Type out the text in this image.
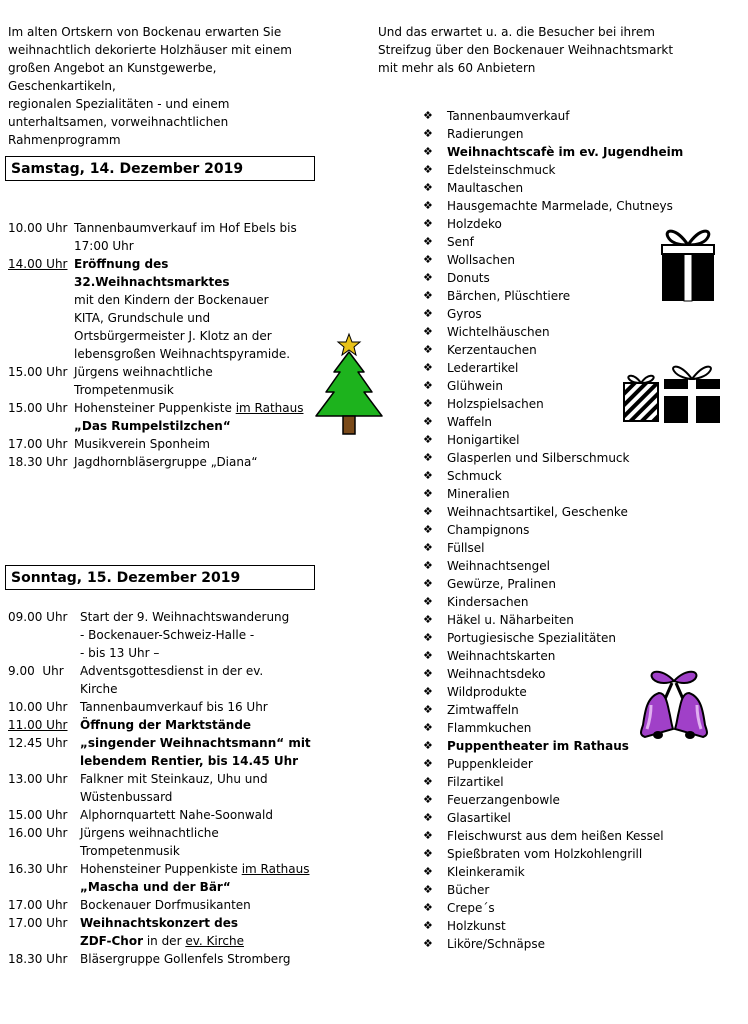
Im alten Ortskern von Bockenau erwarten Sie
weihnachtlich dekorierte Holzhäuser mit einem
großen Angebot an Kunstgewerbe, Geschenkartikeln,
regionalen Spezialitäten - und einem
unterhaltsamen, vorweihnachtlichen
Rahmenprogramm
Und das erwartet u. a. die Besucher bei ihrem
Streifzug über den Bockenauer Weihnachtsmarkt
mit mehr als 60 Anbietern
Samstag, 14. Dezember 2019
10.00 Uhr Tannenbaumverkauf im Hof Ebels bis
17:00 Uhr
14.00 Uhr Eröffnung des
32.Weihnachtsmarktes
mit den Kindern der Bockenauer
KITA, Grundschule und
Ortsbürgermeister J. Klotz an der
lebensgroßen Weihnachtspyramide.
15.00 Uhr Jürgens weihnachtliche
Trompetenmusik
15.00 Uhr Hohensteiner Puppenkiste im Rathaus
„Das Rumpelstilzchen“
17.00 Uhr Musikverein Sponheim
18.30 Uhr Jagdhornbläsergruppe „Diana“
Sonntag, 15. Dezember 2019
09.00 Uhr Start der 9. Weihnachtswanderung
- Bockenauer-Schweiz-Halle -
- bis 13 Uhr –
9.00  Uhr Adventsgottesdienst in der ev.
Kirche
10.00 Uhr Tannenbaumverkauf bis 16 Uhr
11.00 Uhr Öffnung der Marktstände
12.45 Uhr „singender Weihnachtsmann“ mit
lebendem Rentier, bis 14.45 Uhr
13.00 Uhr Falkner mit Steinkauz, Uhu und
Wüstenbussard
15.00 Uhr Alphornquartett Nahe-Soonwald
16.00 Uhr Jürgens weihnachtliche
Trompetenmusik
16.30 Uhr Hohensteiner Puppenkiste im Rathaus
„Mascha und der Bär“
17.00 Uhr Bockenauer Dorfmusikanten
17.00 Uhr Weihnachtskonzert des
ZDF-Chor in der ev. Kirche
18.30 Uhr Bläsergruppe Gollenfels Stromberg
❖ Tannenbaumverkauf
❖ Radierungen
❖ Weihnachtscafè im ev. Jugendheim
❖ Edelsteinschmuck
❖ Maultaschen
❖ Hausgemachte Marmelade, Chutneys
❖ Holzdeko
❖ Senf
❖ Wollsachen
❖ Donuts
❖ Bärchen, Plüschtiere
❖ Gyros
❖ Wichtelhäuschen
❖ Kerzentauchen
❖ Lederartikel
❖ Glühwein
❖ Holzspielsachen
❖ Waffeln
❖ Honigartikel
❖ Glasperlen und Silberschmuck
❖ Schmuck
❖ Mineralien
❖ Weihnachtsartikel, Geschenke
❖ Champignons
❖ Füllsel
❖ Weihnachtsengel
❖ Gewürze, Pralinen
❖ Kindersachen
❖ Häkel u. Näharbeiten
❖ Portugiesische Spezialitäten
❖ Weihnachtskarten
❖ Weihnachtsdeko
❖ Wildprodukte
❖ Zimtwaffeln
❖ Flammkuchen
❖ Puppentheater im Rathaus
❖ Puppenkleider
❖ Filzartikel
❖ Feuerzangenbowle
❖ Glasartikel
❖ Fleischwurst aus dem heißen Kessel
❖ Spießbraten vom Holzkohlengrill
❖ Kleinkeramik
❖ Bücher
❖ Crepe´s
❖ Holzkunst
❖ Liköre/Schnäpse
